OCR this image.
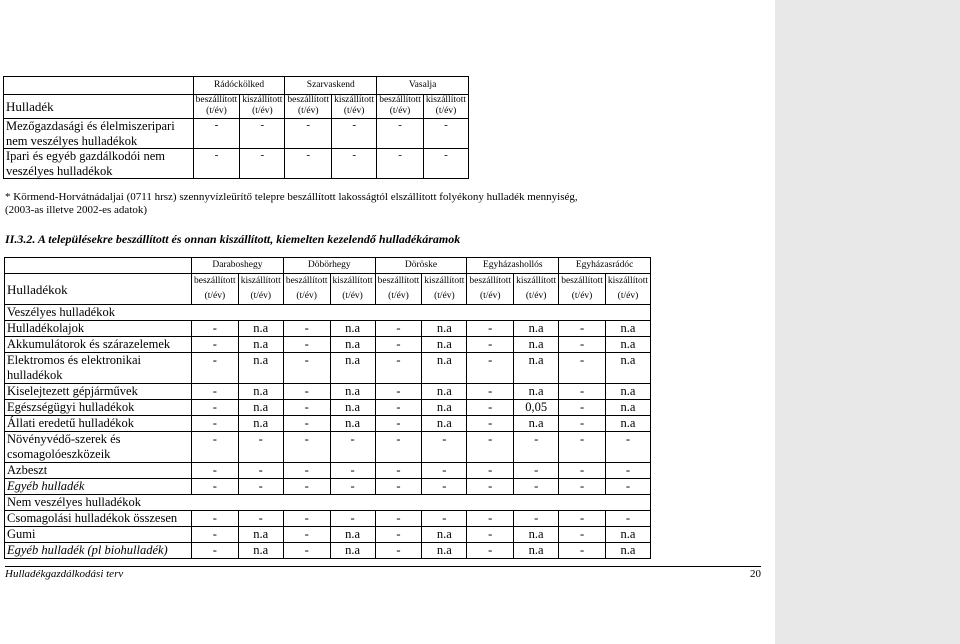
	Rádóckölked		Szarvaskend		Vasalja	
Hulladék	beszállított (t/év)	kiszállított (t/év)	beszállított (t/év)	kiszállított (t/év)	beszállított (t/év)	kiszállított (t/év)
Mezőgazdasági és élelmiszeripari nem veszélyes hulladékok	-	-	-	-	-	-
Ipari és egyéb gazdálkodói nem veszélyes hulladékok	-	-	-	-	-	-
* Körmend-Horvátnádaljai (0711 hrsz) szennyvízleürítő telepre beszállított lakosságtól elszállított folyékony hulladék mennyiség, (2003-as illetve 2002-es adatok)
II.3.2. A településekre beszállított és onnan kiszállított, kiemelten kezelendő hulladékáramok
	Daraboshegy		Döbörhegy		Döröske		Egyházashollós		Egyházasrádóc	
Hulladékok	beszállított (t/év)	kiszállított (t/év)	beszállított (t/év)	kiszállított (t/év)	beszállított (t/év)	kiszállított (t/év)	beszállított (t/év)	kiszállított (t/év)	beszállított (t/év)	kiszállított (t/év)
Veszélyes hulladékok										
Hulladékolajok	-	n.a	-	n.a	-	n.a	-	n.a	-	n.a
Akkumulátorok és szárazelemek	-	n.a	-	n.a	-	n.a	-	n.a	-	n.a
Elektromos és elektronikai hulladékok	-	n.a	-	n.a	-	n.a	-	n.a	-	n.a
Kiselejtezett gépjárművek	-	n.a	-	n.a	-	n.a	-	n.a	-	n.a
Egészségügyi hulladékok	-	n.a	-	n.a	-	n.a	-	0,05	-	n.a
Állati eredetű hulladékok	-	n.a	-	n.a	-	n.a	-	n.a	-	n.a
Növényvédő-szerek és csomagolóeszközeik	-	-	-	-	-	-	-	-	-	-
Azbeszt	-	-	-	-	-	-	-	-	-	-
Egyéb hulladék	-	-	-	-	-	-	-	-	-	-
Nem veszélyes hulladékok										
Csomagolási hulladékok összesen	-	-	-	-	-	-	-	-	-	-
Gumi	-	n.a	-	n.a	-	n.a	-	n.a	-	n.a
Egyéb hulladék (pl biohulladék)	-	n.a	-	n.a	-	n.a	-	n.a	-	n.a
Hulladékgazdálkodási terv	20
